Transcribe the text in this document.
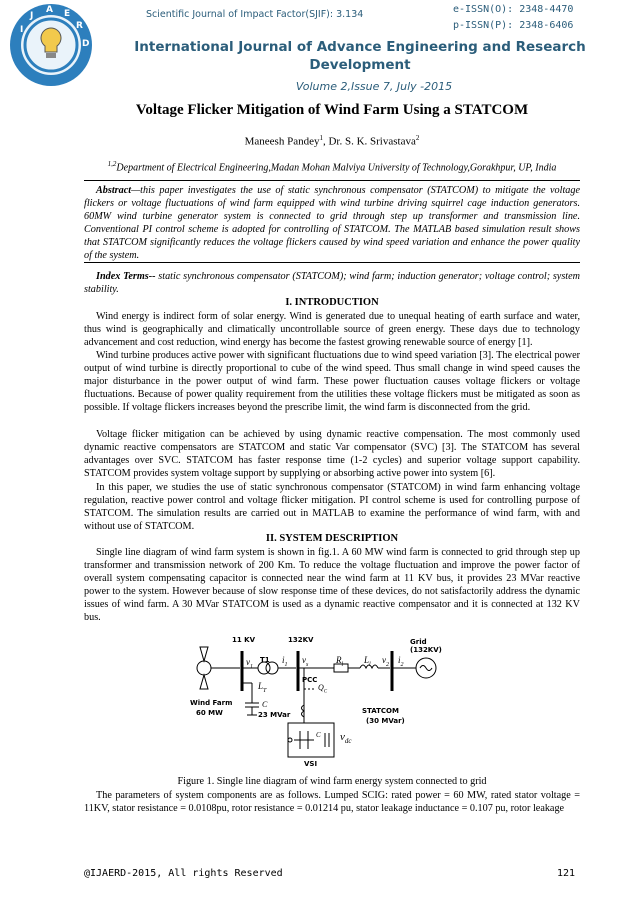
I
J
A E
R
D
Scientific Journal of Impact Factor(SJIF): 3.134	e-ISSN(O): 2348-4470
p-ISSN(P): 2348-6406
International Journal of Advance Engineering and Research Development
Volume 2,Issue 7, July -2015
Voltage Flicker Mitigation of Wind Farm Using a STATCOM
Maneesh Pandey$^1$, Dr. S. K. Srivastava$^2$
$^{1,2}$Department of Electrical Engineering,Madan Mohan Malviya University of Technology,Gorakhpur, UP, India
Abstract—this paper investigates the use of static synchronous compensator (STATCOM) to mitigate the voltage flickers or voltage fluctuations of wind farm equipped with wind turbine driving squirrel cage induction generators. 60MW wind turbine generator system is connected to grid through step up transformer and transmission line. Conventional PI control scheme is adopted for controlling of STATCOM. The MATLAB based simulation result shows that STATCOM significantly reduces the voltage flickers caused by wind speed variation and enhance the power quality of the system.
Index Terms-- static synchronous compensator (STATCOM); wind farm; induction generator; voltage control; system stability.
I. INTRODUCTION
Wind energy is indirect form of solar energy. Wind is generated due to unequal heating of earth surface and water, thus wind is geographically and climatically uncontrollable source of green energy. These days due to technology advancement and cost reduction, wind energy has become the fastest growing renewable source of energy [1].
Wind turbine produces active power with significant fluctuations due to wind speed variation [3]. The electrical power output of wind turbine is directly proportional to cube of the wind speed. Thus small change in wind speed causes the major disturbance in the power output of wind farm. These power fluctuation causes voltage flickers or voltage fluctuations. Because of power quality requirement from the utilities these voltage flickers must be mitigated as soon as possible. If voltage flickers increases beyond the prescribe limit, the wind farm is disconnected from the grid.
Voltage flicker mitigation can be achieved by using dynamic reactive compensation. The most commonly used dynamic reactive compensators are STATCOM and static Var compensator (SVC) [3]. The STATCOM has several advantages over SVC. STATCOM has faster response time (1-2 cycles) and superior voltage support capability. STATCOM provides system voltage support by supplying or absorbing active power into system [6].
In this paper, we studies the use of static synchronous compensator (STATCOM) in wind farm enhancing voltage regulation, reactive power control and voltage flicker mitigation. PI control scheme is used for controlling purpose of STATCOM. The simulation results are carried out in MATLAB to examine the performance of wind farm, with and without use of STATCOM.
II. SYSTEM DESCRIPTION
Single line diagram of wind farm system is shown in fig.1. A 60 MW wind farm is connected to grid through step up transformer and transmission network of 200 Km. To reduce the voltage fluctuation and improve the power factor of overall system compensating capacitor is connected near the wind farm at 11 KV bus, it provides 23 MVar reactive power to the system. However because of slow response time of these devices, do not satisfactorily address the dynamic issues of wind farm. A 30 MVar STATCOM is used as a dynamic reactive compensator and it is connected at 132 KV bus.
11 KV	132KV	Grid (132KV)
T1
$v_1$
$i_1$ $v_s$	$R_l$ $L_l$ $v_2$ $i_2$
$L_T$
PCC
$Q_C$
C
23 MVar
Wind Farm
60 MW	STATCOM
(30 MVar)
$v_{dc}$
C
VSI
Figure 1. Single line diagram of wind farm energy system connected to grid
The parameters of system components are as follows. Lumped SCIG: rated power = 60 MW, rated stator voltage = 11KV, stator resistance = 0.0108pu, rotor resistance = 0.01214 pu, stator leakage inductance = 0.107 pu, rotor leakage
@IJAERD-2015, All rights Reserved	121
